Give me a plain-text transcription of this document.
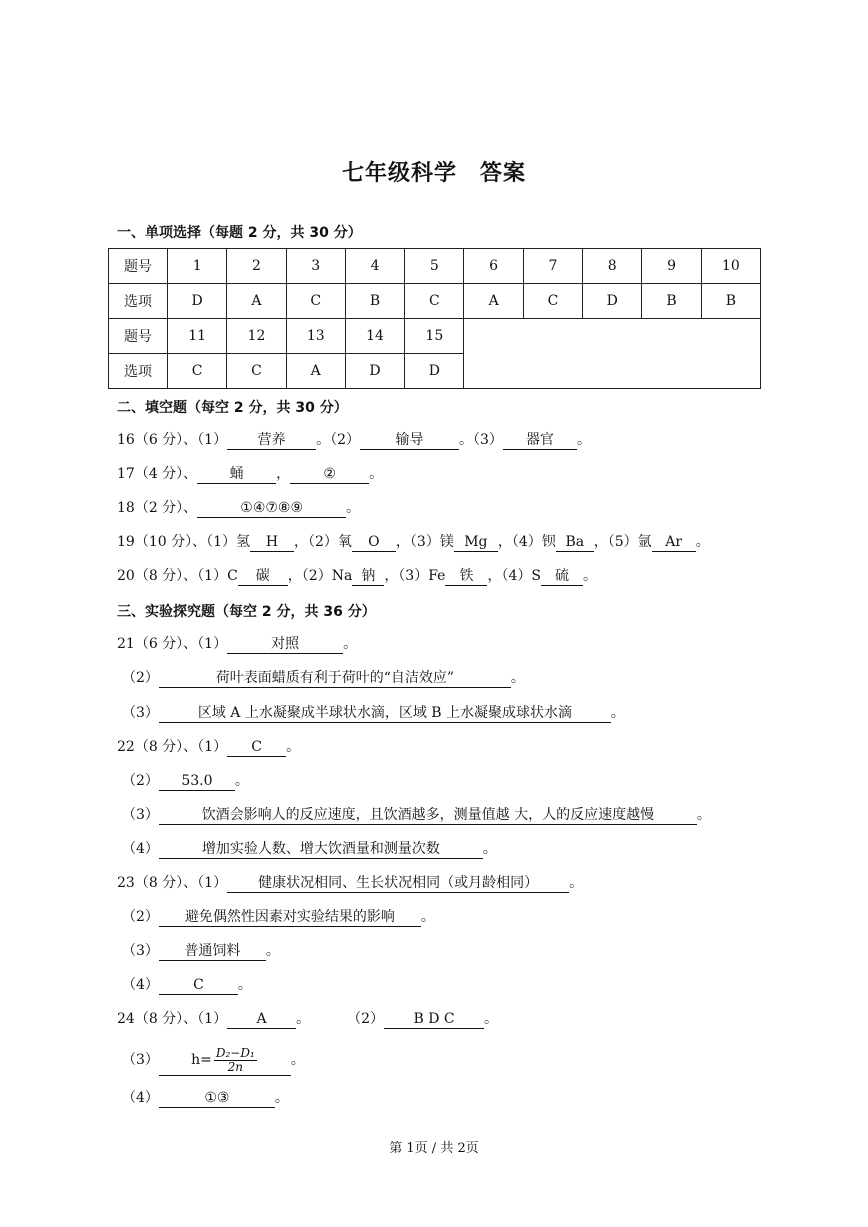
七年级科学　答案
一、单项选择（每题 2 分，共 30 分）
题号	1	2	3	4	5	6	7	8	9	10
选项	D	A	C	B	C	A	C	D	B	B
题号	11	12	13	14	15					
选项	C	C	A	D	D					
二、填空题（每空 2 分，共 30 分）
16（6 分）、（1） 营养 。（2）	输导	。（3） 器官 。
17（4 分）、 蛹 ， ② 。
18（2 分）、	①④⑦⑧⑨	。
19（10 分）、（1）氢 H ，（2）氧 O ，（3）镁 Mg ，（4）钡 Ba ，（5）氩 Ar 。
20（8 分）、（1）C 碳 ，（2）Na 钠 ，（3）Fe 铁 ，（4）S 硫 。
三、实验探究题（每空 2 分，共 36 分）
21（6 分）、（1）	对照	。
（2）	荷叶表面蜡质有利于荷叶的“自洁效应”	。
（3）	区域 A 上水凝聚成半球状水滴，区域 B 上水凝聚成球状水滴	。
22（8 分）、（1） C 。
（2） 53.0 。
（3）	饮酒会影响人的反应速度，且饮酒越多，测量值越 大，人的反应速度越慢	。
（4）	增加实验人数、增大饮酒量和测量次数	。
23（8 分）、（1） 健康状况相同、生长状况相同（或月龄相同） 。
（2） 避免偶然性因素对实验结果的影响 。
（3） 普通饲料 。
（4） C 。
24（8 分）、（1） A 。	（2） B D C 。
（3） $h= \frac{\text{D₂−D₁}}{2n}$ 。
（4）	①③	。
第 1页 / 共 2页
